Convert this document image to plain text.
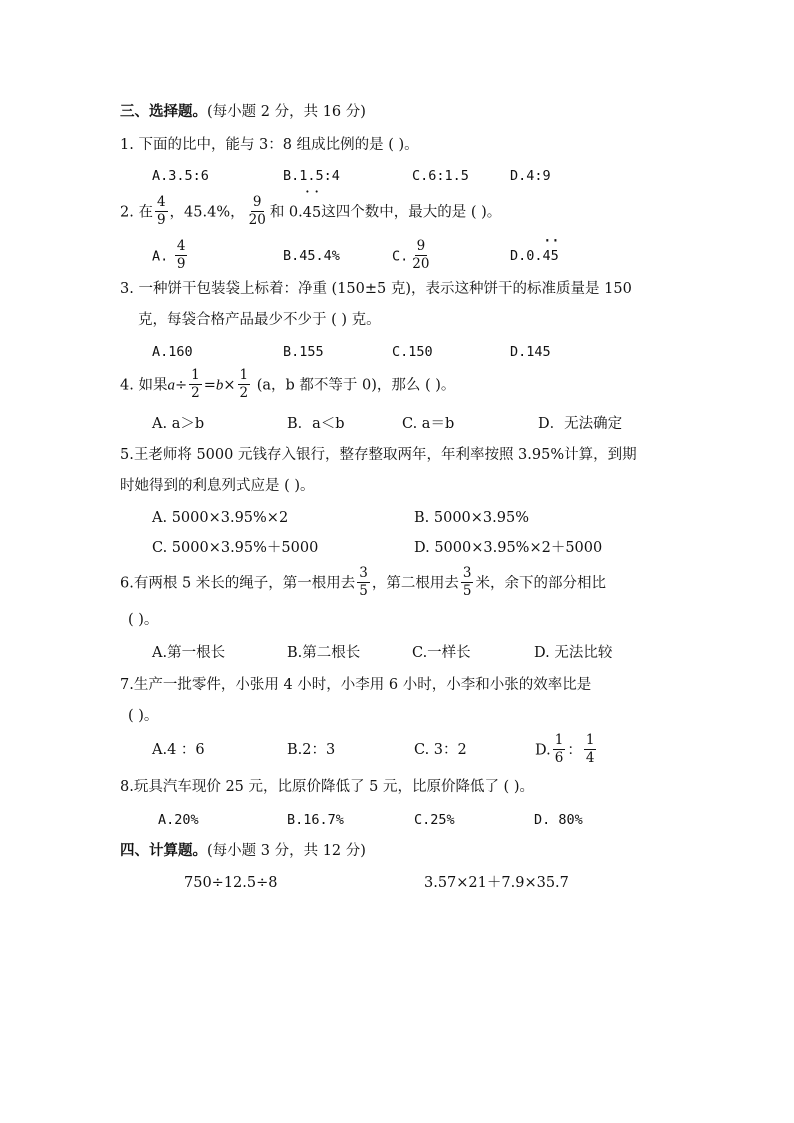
三、选择题。(每小题 2 分，共 16 分)
1. 下面的比中，能与 3：8 组成比例的是 ( )。
A.3.5:6	B.1.5:4	C.6:1.5	D.4:9
2. 在 $\frac{4}{9}$ ，45.4%， $\frac{9}{20}$ 和 0.· 4· 5这四个数中，最大的是 ( )。
A. $\frac{4}{9}$	B.45.4%	C. $\frac{9}{20}$	D.0.· 4· 5
3. 一种饼干包装袋上标着：净重 (150±5 克)，表示这种饼干的标准质量是 150
克，每袋合格产品最少不少于 ( ) 克。
A.160	B.155	C.150	D.145
4. 如果$a\div \frac{1}{2} =b\times \frac{1}{2} (a$，b 都不等于 0)，那么 ( )。
A. a＞b	B．a＜b	C. a＝b	D．无法确定
5.王老师将 5000 元钱存入银行，整存整取两年，年利率按照 3.95%计算，到期
时她得到的利息列式应是 ( )。
A. 5000×3.95%×2	B. 5000×3.95%
C. 5000×3.95%＋5000	D. 5000×3.95%×2＋5000
6.有两根 5 米长的绳子，第一根用去 $\frac{3}{5}$ ，第二根用去 $\frac{3}{5}$ 米，余下的部分相比
( )。
A.第一根长	B.第二根长	C.一样长	D. 无法比较
7.生产一批零件，小张用 4 小时，小李用 6 小时，小李和小张的效率比是
( )。
A.4 ：6	B.2：3	C. 3：2	D. $\frac{1}{6}$ ： $\frac{1}{4}$
8.玩具汽车现价 25 元，比原价降低了 5 元，比原价降低了 ( )。
A.20%	B.16.7%	C.25%	D. 80%
四、计算题。(每小题 3 分，共 12 分)
750÷12.5÷8	3.57×21＋7.9×35.7
